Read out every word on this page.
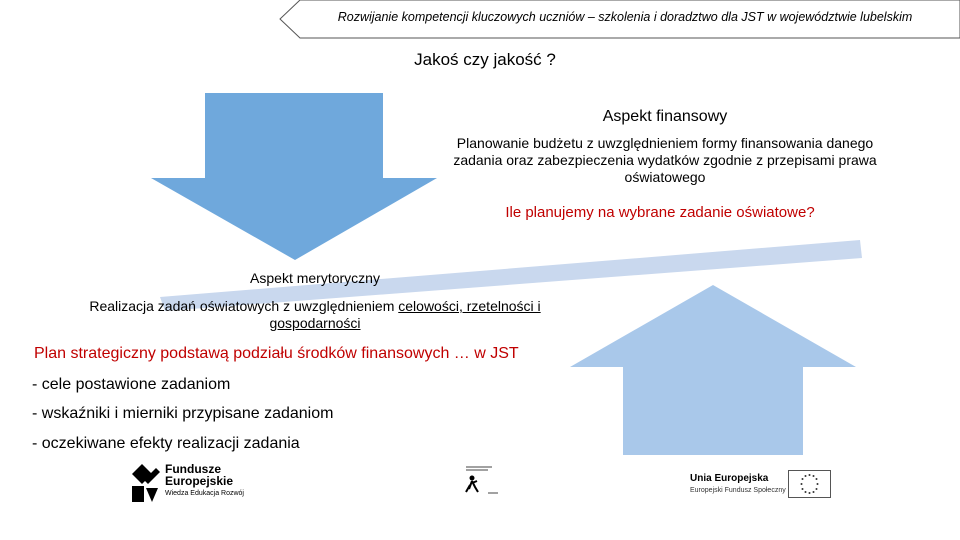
Rozwijanie kompetencji kluczowych uczniów – szkolenia i doradztwo dla JST w województwie lubelskim
Jakoś czy jakość ?
Aspekt finansowy
Planowanie budżetu z uwzględnieniem formy finansowania danego
zadania oraz zabezpieczenia wydatków zgodnie z przepisami prawa
oświatowego
Ile planujemy na wybrane zadanie oświatowe?
Aspekt merytoryczny
Realizacja zadań oświatowych z uwzględnieniem celowości, rzetelności i
gospodarności
Plan strategiczny podstawą podziału środków finansowych … w JST
- cele postawione zadaniom
- wskaźniki i mierniki przypisane zadaniom
- oczekiwane efekty realizacji zadania
Fundusze
Europejskie
Wiedza Edukacja Rozwój
Unia Europejska
Europejski Fundusz Społeczny
